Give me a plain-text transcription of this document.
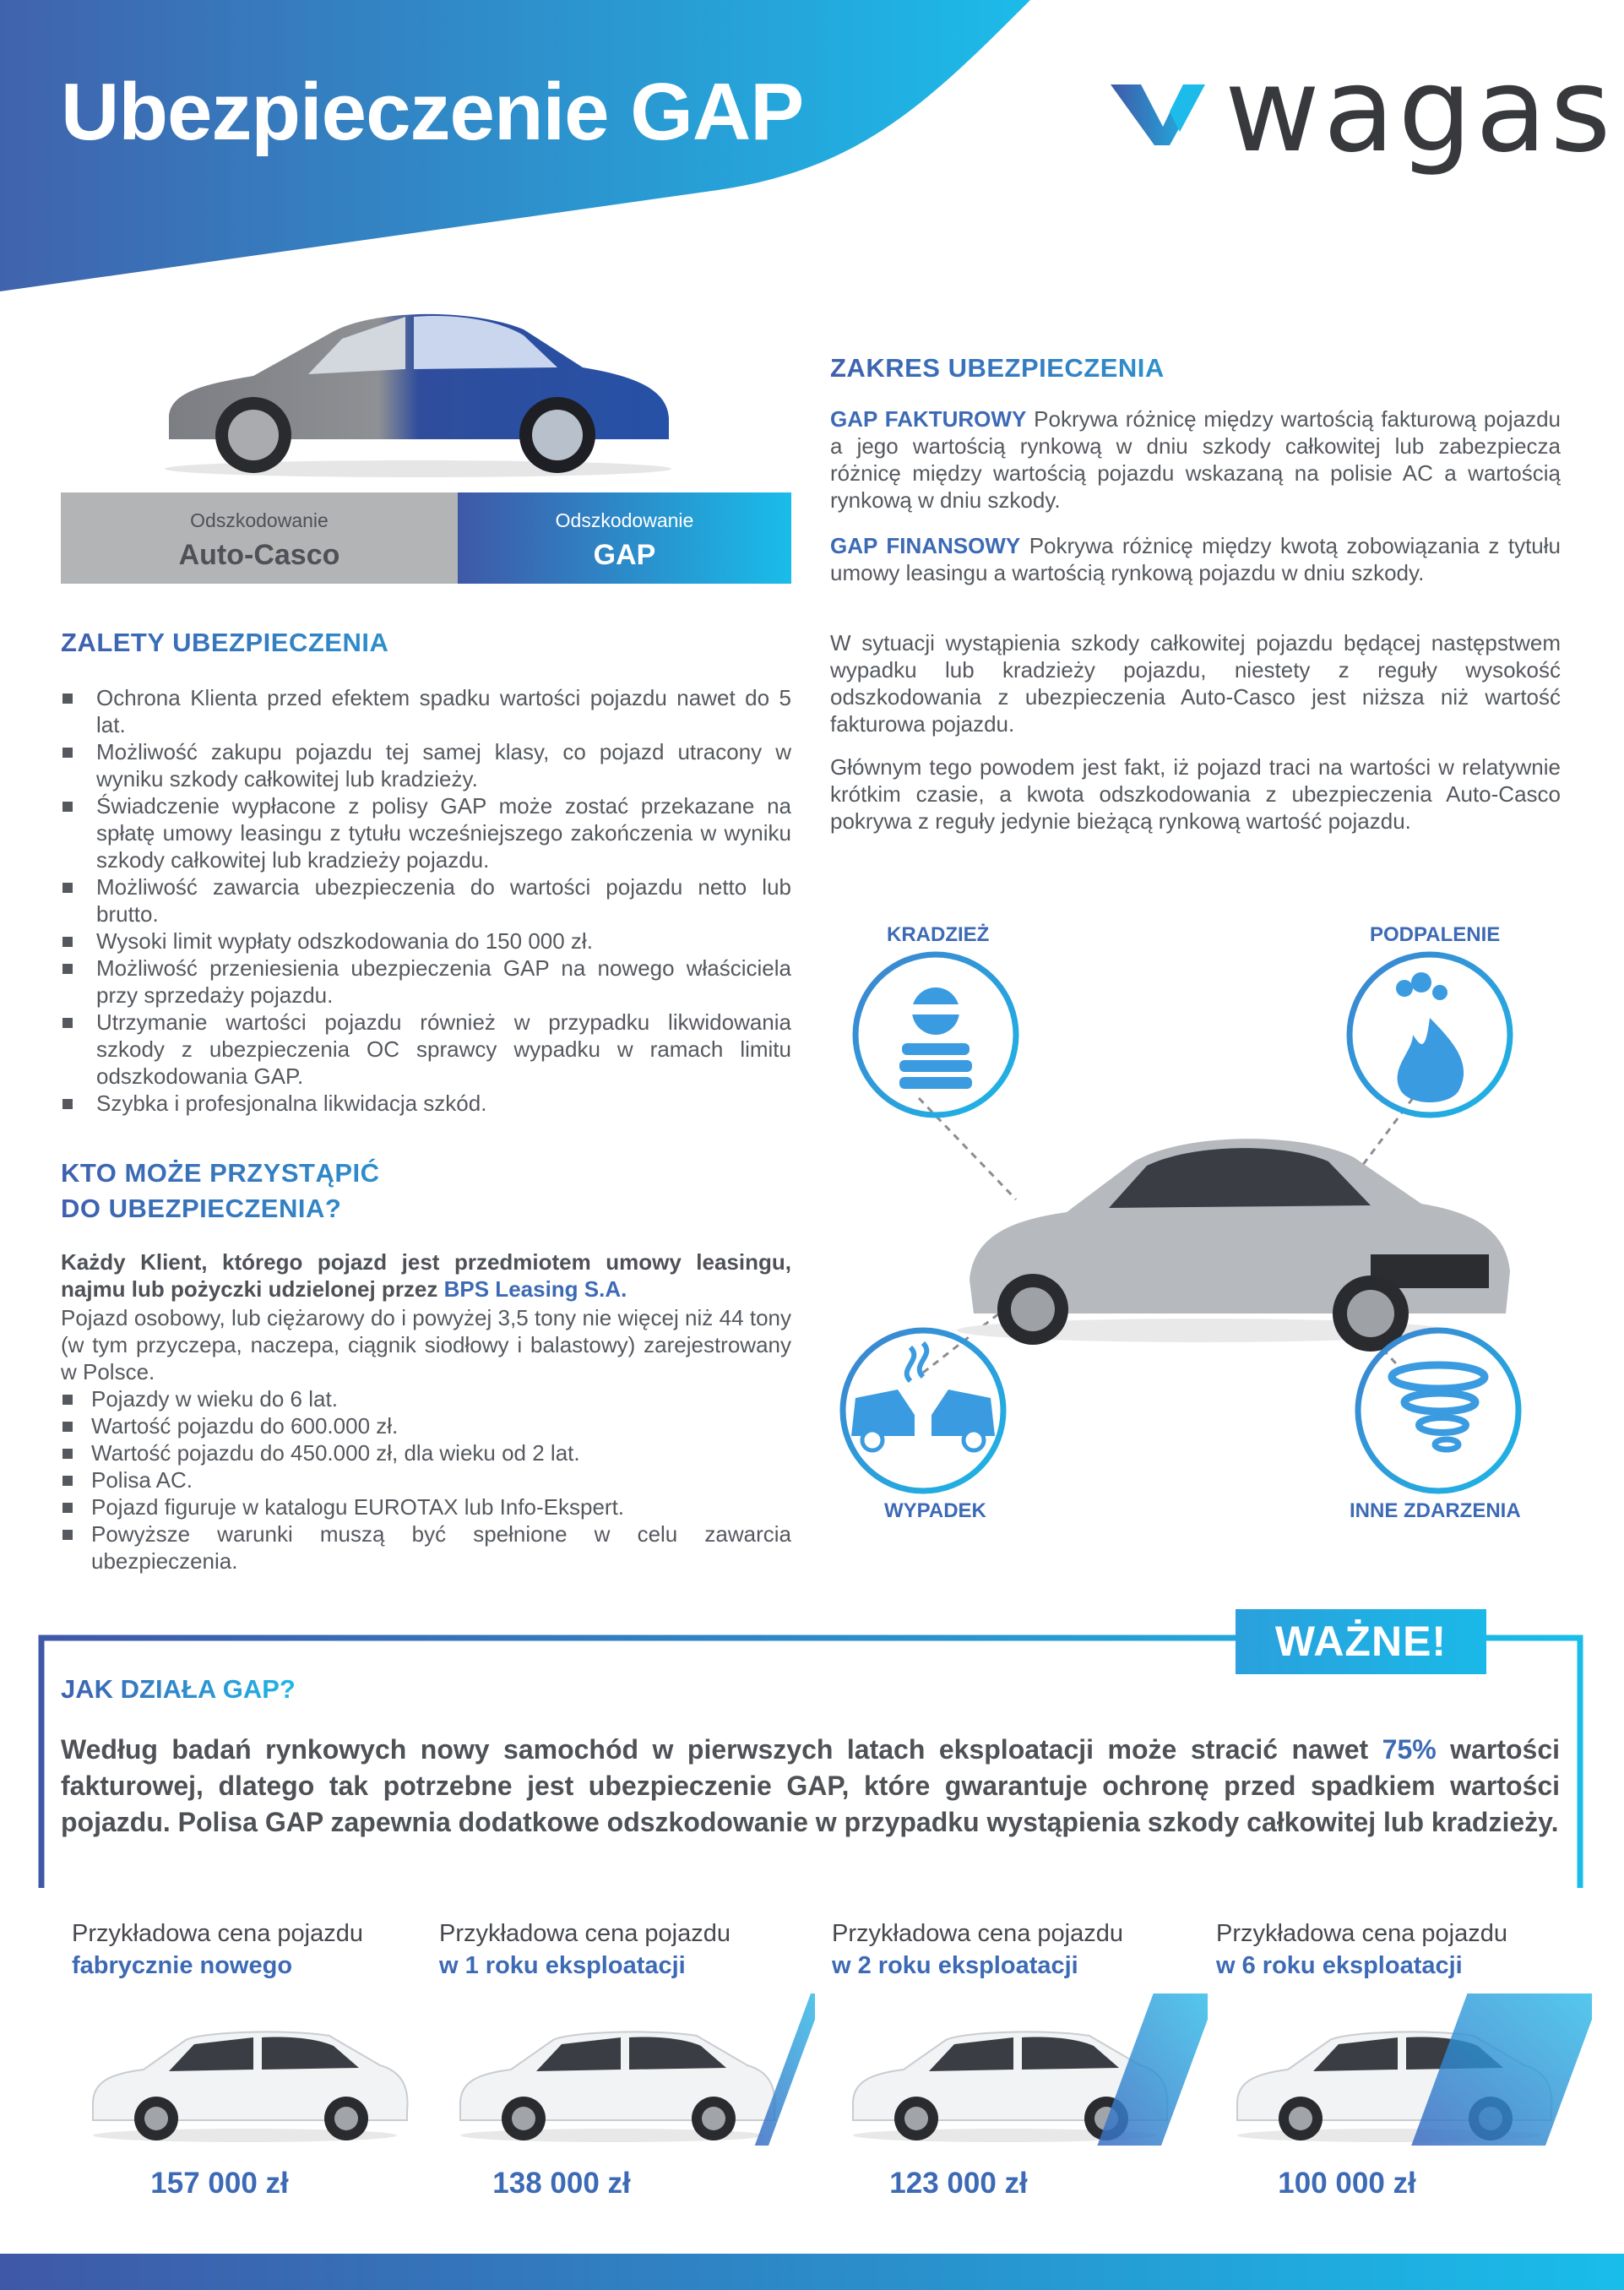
Ubezpieczenie GAP	wagas
Odszkodowanie
Auto-Casco
Odszkodowanie
GAP
ZALETY UBEZPIECZENIA
Ochrona Klienta przed efektem spadku wartości pojazdu nawet do 5 lat.
Możliwość zakupu pojazdu tej samej klasy, co pojazd utracony w wyniku szkody całkowitej lub kradzieży.
Świadczenie wypłacone z polisy GAP może zostać przekazane na spłatę umowy leasingu z tytułu wcześniejszego zakończenia w wyniku szkody całkowitej lub kradzieży pojazdu.
Możliwość zawarcia ubezpieczenia do wartości pojazdu netto lub brutto.
Wysoki limit wypłaty odszkodowania do 150 000 zł.
Możliwość przeniesienia ubezpieczenia GAP na nowego właściciela przy sprzedaży pojazdu.
Utrzymanie wartości pojazdu również w przypadku likwidowania szkody z ubezpieczenia OC sprawcy wypadku w ramach limitu odszkodowania GAP.
Szybka i profesjonalna likwidacja szkód.
KTO MOŻE PRZYSTĄPIĆ
DO UBEZPIECZENIA?
Każdy Klient, którego pojazd jest przedmiotem umowy leasingu, najmu lub pożyczki udzielonej przez BPS Leasing S.A.
Pojazd osobowy, lub ciężarowy do i powyżej 3,5 tony nie więcej niż 44 tony (w tym przyczepa, naczepa, ciągnik siodłowy i balastowy) zarejestrowany w Polsce.
Pojazdy w wieku do 6 lat.
Wartość pojazdu do 600.000 zł.
Wartość pojazdu do 450.000 zł, dla wieku od 2 lat.
Polisa AC.
Pojazd figuruje w katalogu EUROTAX lub Info-Ekspert.
Powyższe warunki muszą być spełnione w celu zawarcia ubezpieczenia.
ZAKRES UBEZPIECZENIA
GAP FAKTUROWY Pokrywa różnicę między wartością fakturową pojazdu a jego wartością rynkową w dniu szkody całkowitej lub zabezpiecza różnicę między wartością pojazdu wskazaną na polisie AC a wartością rynkową w dniu szkody.
GAP FINANSOWY Pokrywa różnicę między kwotą zobowiązania z tytułu umowy leasingu a wartością rynkową pojazdu w dniu szkody.
W sytuacji wystąpienia szkody całkowitej pojazdu będącej następstwem wypadku lub kradzieży pojazdu, niestety z reguły wysokość odszkodowania z ubezpieczenia Auto-Casco jest niższa niż wartość fakturowa pojazdu.
Głównym tego powodem jest fakt, iż pojazd traci na wartości w relatywnie krótkim czasie, a kwota odszkodowania z ubezpieczenia Auto-Casco pokrywa z reguły jedynie bieżącą rynkową wartość pojazdu.
KRADZIEŻ	PODPALENIE
WYPADEK	INNE ZDARZENIA
WAŻNE!
JAK DZIAŁA GAP?
Według badań rynkowych nowy samochód w pierwszych latach eksploatacji może stracić nawet 75% wartości fakturowej, dlatego tak potrzebne jest ubezpieczenie GAP, które gwarantuje ochronę przed spadkiem wartości pojazdu. Polisa GAP zapewnia dodatkowe odszkodowanie w przypadku wystąpienia szkody całkowitej lub kradzieży.
Przykładowa cena pojazdu
fabrycznie nowego
157 000 zł
Przykładowa cena pojazdu
w 1 roku eksploatacji
138 000 zł
Przykładowa cena pojazdu
w 2 roku eksploatacji
123 000 zł
Przykładowa cena pojazdu
w 6 roku eksploatacji
100 000 zł
